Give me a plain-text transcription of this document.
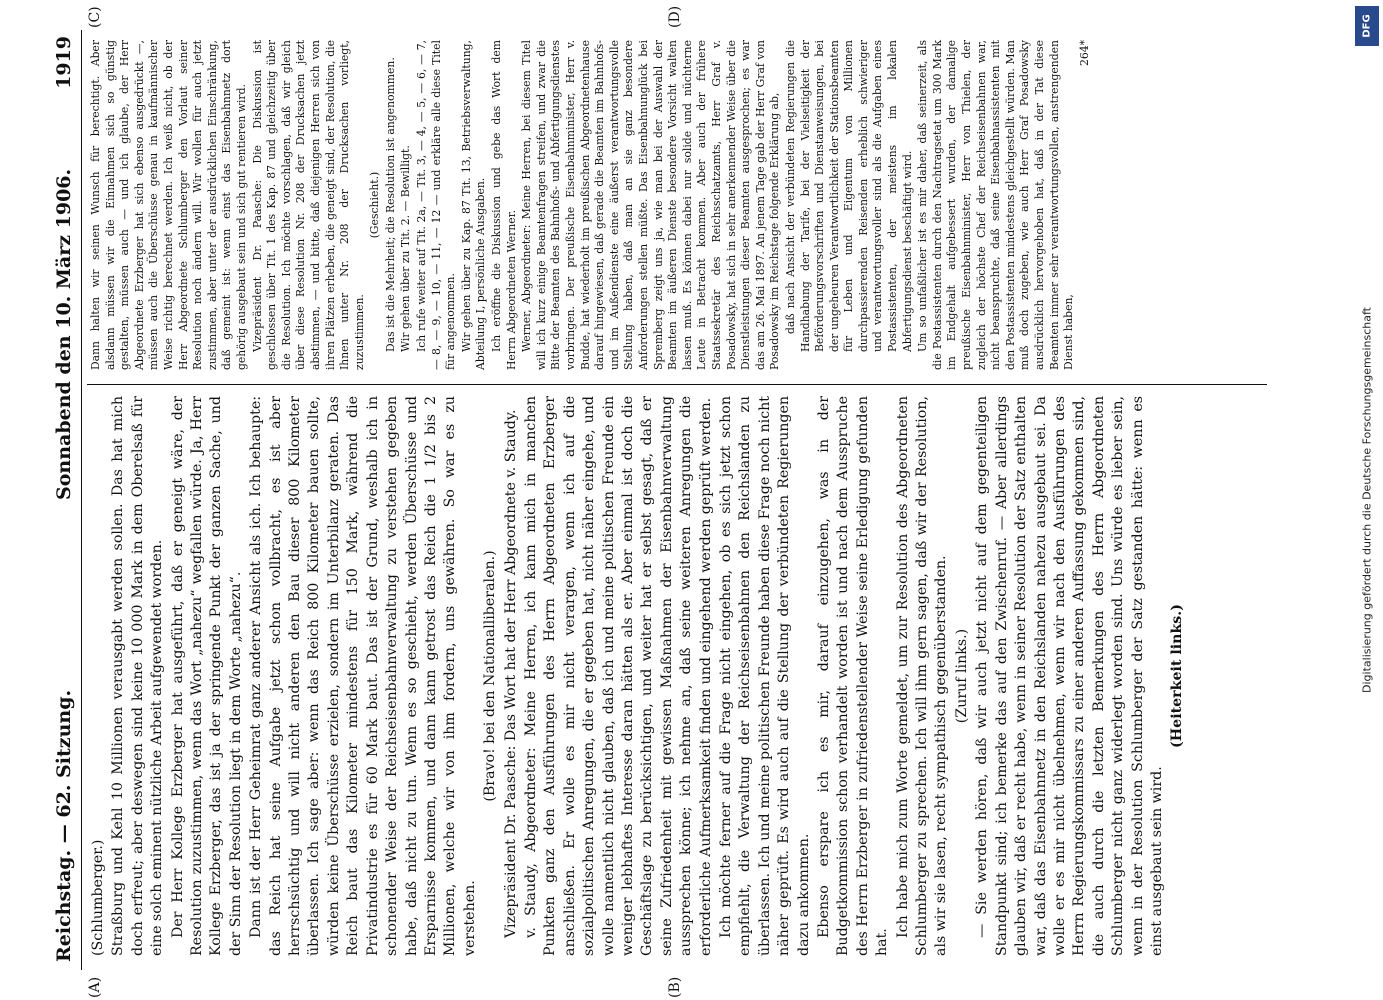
Reichstag. — 62. Sitzung.
Sonnabend den 10. März 1906.
1919
(A)	(B)
(C)	(D)

(Schlumberger.) Straßburg und Kehl 10 Millionen verausgabt werden sollen. Das hat mich doch erfreut; aber deswegen sind keine 10 000 Mark in dem Oberelsaß für eine solch eminent nützliche Arbeit aufgewendet worden. Der Herr Kollege Erzberger hat ausgeführt, daß er geneigt wäre, der Resolution zuzustimmen, wenn das Wort „nahezu“ wegfallen würde. Ja, Herr Kollege Erzberger, das ist ja der springende Punkt der ganzen Sache, und der Sinn der Resolution liegt in dem Worte „nahezu“. Dann ist der Herr Geheimrat ganz anderer Ansicht als ich. Ich behaupte: das Reich hat seine Aufgabe jetzt schon vollbracht, es ist aber herrschsüchtig und will nicht anderen den Bau dieser 800 Kilometer überlassen. Ich sage aber: wenn das Reich 800 Kilometer bauen sollte, würden keine Überschüsse erzielen, sondern im Unterbilanz geraten. Das Reich baut das Kilometer mindestens für 150 Mark, während die Privatindustrie es für 60 Mark baut. Das ist der Grund, weshalb ich in schonender Weise der Reichseisenbahnverwaltung zu verstehen gegeben habe, daß nicht zu tun. Wenn es so geschieht, werden Überschüsse und Ersparnisse kommen, und dann kann getrost das Reich die 1 1/2 bis 2 Millionen, welche wir von ihm fordern, uns gewähren. So war es zu verstehen.

(Bravo! bei den Nationalliberalen.) Vizepräsident Dr. Paasche: Das Wort hat der Herr Abgeordnete v. Staudy. v. Staudy, Abgeordneter: Meine Herren, ich kann mich in manchen Punkten ganz den Ausführungen des Herrn Abgeordneten Erzberger anschließen. Er wolle es mir nicht verargen, wenn ich auf die sozialpolitischen Anregungen, die er gegeben hat, nicht näher eingehe, und wolle namentlich nicht glauben, daß ich und meine politischen Freunde ein weniger lebhaftes Interesse daran hätten als er. Aber einmal ist doch die Geschäftslage zu berücksichtigen, und weiter hat er selbst gesagt, daß er seine Zufriedenheit mit gewissen Maßnahmen der Eisenbahnverwaltung aussprechen könne; ich nehme an, daß seine weiteren Anregungen die erforderliche Aufmerksamkeit finden und eingehend werden geprüft werden. Ich möchte ferner auf die Frage nicht eingehen, ob es sich jetzt schon empfiehlt, die Verwaltung der Reichseisenbahnen den Reichslanden zu überlassen. Ich und meine politischen Freunde haben diese Frage noch nicht näher geprüft. Es wird auch auf die Stellung der verbündeten Regierungen dazu ankommen. Ebenso erspare ich es mir, darauf einzugehen, was in der Budgetkommission schon verhandelt worden ist und nach dem Ausspruche des Herrn Erzberger in zufriedenstellender Weise seine Erledigung gefunden hat.

Ich habe mich zum Worte gemeldet, um zur Resolution des Abgeordneten Schlumberger zu sprechen. Ich will ihm gern sagen, daß wir der Resolution, als wir sie lasen, recht sympathisch gegenüberstanden. (Zuruf links.) — Sie werden hören, daß wir auch jetzt nicht auf dem gegenteiligen Standpunkt sind; ich bemerke das auf den Zwischenruf. — Aber allerdings glauben wir, daß er recht habe, wenn in seiner Resolution der Satz enthalten war, daß das Eisenbahnnetz in den Reichslanden nahezu ausgebaut sei. Da wolle er es mir nicht übelnehmen, wenn wir nach den Ausführungen des Herrn Regierungskommissars zu einer anderen Auffassung gekommen sind, die auch durch die letzten Bemerkungen des Herrn Abgeordneten Schlumberger nicht ganz widerlegt worden sind. Uns würde es lieber sein, wenn in der Resolution Schlumberger der Satz gestanden hätte: wenn es einst ausgebaut sein wird.

(Heiterkeit links.)

Dann halten wir seinen Wunsch für berechtigt. Aber alsdann müssen wir die Einnahmen sich so günstig gestalten, müssen auch — und ich glaube, der Herr Abgeordnete Erzberger hat sich ebenso ausgedrückt —, müssen auch die Überschüsse genau in kaufmännischer Weise richtig berechnet werden. Ich weiß nicht, ob der Herr Abgeordnete Schlumberger den Vorlaut seiner Resolution noch ändern will. Wir wollen für auch jetzt zustimmen, aber unter der ausdrücklichen Einschränkung, daß gemeint ist: wenn einst das Eisenbahnnetz dort gehörig ausgebaut sein und sich gut rentieren wird. Vizepräsident Dr. Paasche: Die Diskussion ist geschlossen über Tit. 1 des Kap. 87 und gleichzeitig über die Resolution. Ich möchte vorschlagen, daß wir gleich über diese Resolution Nr. 208 der Drucksachen jetzt abstimmen, — und bitte, daß diejenigen Herren sich von ihren Plätzen erheben, die geneigt sind, der Resolution, die Ihnen unter Nr. 208 der Drucksachen vorliegt, zuzustimmen.

(Geschieht.) Das ist die Mehrheit; die Resolution ist angenommen. Wir gehen über zu Tit. 2. — Bewilligt. Ich rufe weiter auf Tit. 2a, — Tit. 3, — 4, — 5, — 6, — 7, — 8, — 9, — 10, — 11, — 12 — und erkläre alle diese Titel für angenommen. Wir gehen über zu Kap. 87 Tit. 13, Betriebsverwaltung, Abteilung I, persönliche Ausgaben. Ich eröffne die Diskussion und gebe das Wort dem Herrn Abgeordneten Werner. Werner, Abgeordneter: Meine Herren, bei diesem Titel will ich kurz einige Beamtenfragen streifen, und zwar die Bitte der Beamten des Bahnhofs- und Abfertigungsdienstes vorbringen. Der preußische Eisenbahnminister, Herr v. Budde, hat wiederholt im preußischen Abgeordnetenhause darauf hingewiesen, daß gerade die Beamten im Bahnhofs- und im Außendienste eine äußerst verantwortungsvolle Stellung haben, daß man an sie ganz besondere Anforderungen stellen müßte. Das Eisenbahnunglück bei Spremberg zeigt uns ja, wie man bei der Auswahl der Beamten im äußeren Dienste besondere Vorsicht walten lassen muß. Es können dabei nur solide und nüchterne Leute in Betracht kommen. Aber auch der frühere Staatssekretär des Reichsschatzamts, Herr Graf v. Posadowsky, hat sich in sehr anerkennender Weise über die Dienstleistungen dieser Beamten ausgesprochen; es war das am 26. Mai 1897. An jenem Tage gab der Herr Graf von Posadowsky im Reichstage folgende Erklärung ab, daß nach Ansicht der verbündeten Regierungen die Handhabung der Tarife, bei der Vielseitigkeit der Beförderungsvorschriften und Dienstanweisungen, bei der ungeheuren Verantwortlichkeit der Stationsbeamten für Leben und Eigentum von Millionen durchpassierenden Reisenden erheblich schwieriger und verantwortungsvoller sind als die Aufgaben eines Postassistenten, der meistens im lokalen Abfertigungsdienst beschäftigt wird. Um so unfaßlicher ist es mir daher, daß seinerzeit, als die Postassistenten durch den Nachtragsetat um 300 Mark im Endgehalt aufgebessert wurden, der damalige preußische Eisenbahnminister, Herr von Thielen, der zugleich der höchste Chef der Reichseisenbahnen war, nicht beanspruchte, daß seine Eisenbahnassistenten mit den Postassistenten mindestens gleichgestellt würden. Man muß doch zugeben, wie auch Herr Graf Posadowsky ausdrücklich hervorgehoben hat, daß in der Tat diese Beamten immer sehr verantwortungsvollen, anstrengenden Dienst haben,

264*

DFG
Digitalisierung gefördert durch die Deutsche Forschungsgemeinschaft
